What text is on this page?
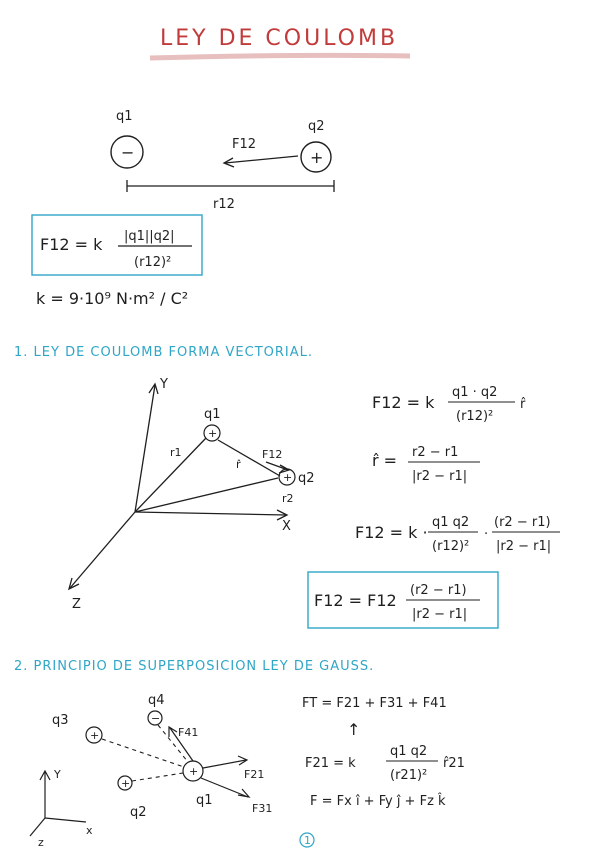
LEY DE COULOMB
q1
−
q2
+
F12
r12
F12 = k |q1||q2|
(r12)²
k = 9·10⁹ N·m² / C²
1. LEY DE COULOMB FORMA VECTORIAL.
Y
X
Z
r1
r2
r̂
F12
+
q1
+ q2
F12 = k
q1 · q2
(r12)²
r̂
r̂ = r2 − r1
|r2 − r1|
F12 = k ·
q1 q2
(r12)²
·
(r2 − r1)
|r2 − r1|
F12 = F12
(r2 − r1)
|r2 − r1|
2. PRINCIPIO DE SUPERPOSICION LEY DE GAUSS.
q4
−
q3
+
+
q2
+
q1
F41
F21
F31
Y
x
z
FT = F21 + F31 + F41
↑
F21 = k
q1 q2
(r21)²
r̂21
F = Fx î + Fy ĵ + Fz k̂
1
